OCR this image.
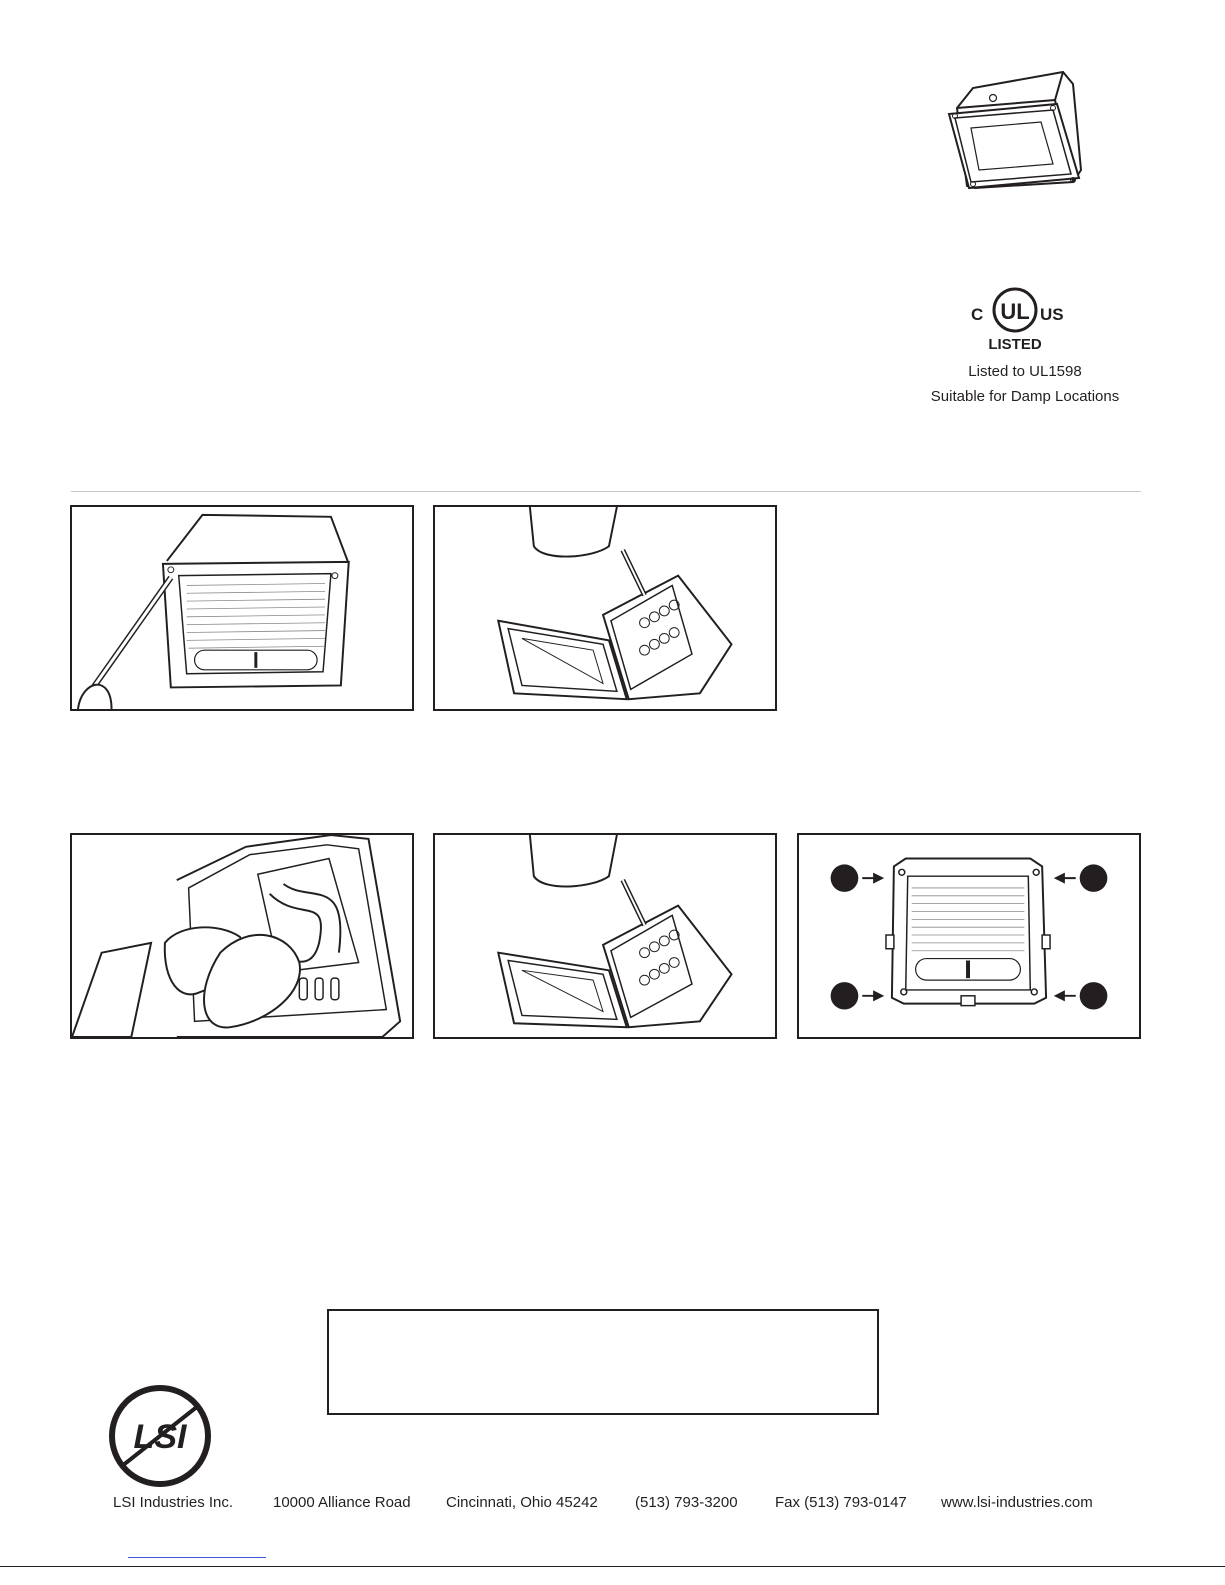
C UL US
LISTED
Listed to UL1598
Suitable for Damp Locations
LSI
LSI Industries Inc.	10000 Alliance Road Cincinnati, Ohio 45242 (513) 793-3200 Fax (513) 793-0147 www.lsi-industries.com
